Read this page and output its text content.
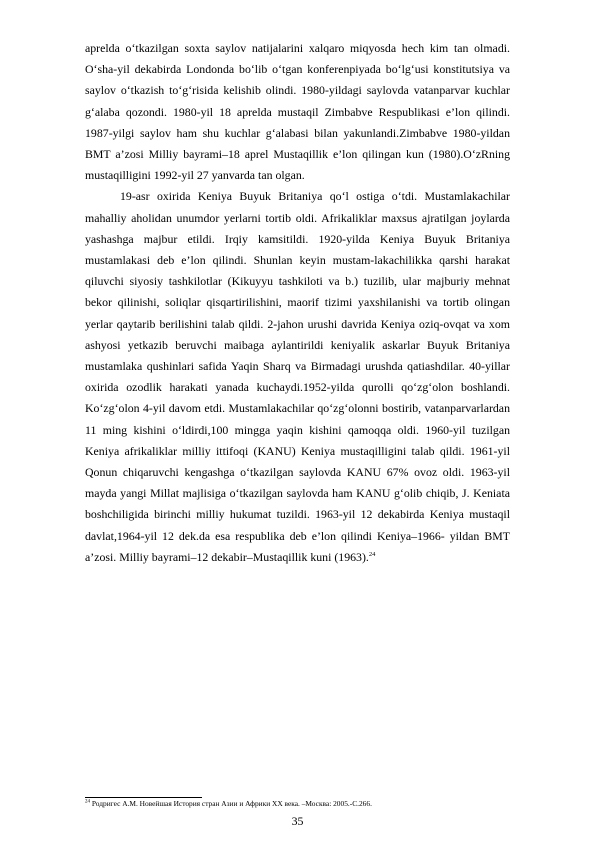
aprelda o‘tkazilgan soxta saylov natijalarini xalqaro miqyosda hech kim tan olmadi. O‘sha-yil dekabirda Londonda bo‘lib o‘tgan konferenpiyada bo‘lg‘usi konstitutsiya va saylov o‘tkazish to‘g‘risida kelishib olindi. 1980-yildagi saylovda vatanparvar kuchlar g‘alaba qozondi. 1980-yil 18 aprelda mustaqil Zimbabve Respublikasi e’lon qilindi. 1987-yilgi saylov ham shu kuchlar g‘alabasi bilan yakunlandi.Zimbabve 1980-yildan BMT a’zosi Milliy bayrami–18 aprel Mustaqillik e’lon qilingan kun (1980).O‘zRning mustaqilligini 1992-yil 27 yanvarda tan olgan.

19-asr oxirida Keniya Buyuk Britaniya qo‘l ostiga o‘tdi. Mustamlakachilar mahalliy aholidan unumdor yerlarni tortib oldi. Afrikaliklar maxsus ajratilgan joylarda yashashga majbur etildi. Irqiy kamsitildi. 1920-yilda Keniya Buyuk Britaniya mustamlakasi deb e’lon qilindi. Shunlan keyin mustam-lakachilikka qarshi harakat qiluvchi siyosiy tashkilotlar (Kikuyyu tashkiloti va b.) tuzilib, ular majburiy mehnat bekor qilinishi, soliqlar qisqartirilishini, maorif tizimi yaxshilanishi va tortib olingan yerlar qaytarib berilishini talab qildi. 2-jahon urushi davrida Keniya oziq-ovqat va xom ashyosi yetkazib beruvchi maibaga aylantirildi keniyalik askarlar Buyuk Britaniya mustamlaka qushinlari safida Yaqin Sharq va Birmadagi urushda qatiashdilar. 40-yillar oxirida ozodlik harakati yanada kuchaydi.1952-yilda qurolli qo‘zg‘olon boshlandi. Ko‘zg‘olon 4-yil davom etdi. Mustamlakachilar qo‘zg‘olonni bostirib, vatanparvarlardan 11 ming kishini o‘ldirdi,100 mingga yaqin kishini qamoqqa oldi. 1960-yil tuzilgan Keniya afrikaliklar milliy ittifoqi (KANU) Keniya mustaqilligini talab qildi. 1961-yil Qonun chiqaruvchi kengashga o‘tkazilgan saylovda KANU 67% ovoz oldi. 1963-yil mayda yangi Millat majlisiga o‘tkazilgan saylovda ham KANU g‘olib chiqib, J. Keniata boshchiligida birinchi milliy hukumat tuzildi. 1963-yil 12 dekabirda Keniya mustaqil davlat,1964-yil 12 dek.da esa respublika deb e’lon qilindi Keniya–1966- yildan BMT a’zosi. Milliy bayrami–12 dekabir–Mustaqillik kuni (1963).$^{24}$

$^{24}$ Родригес А.М. Новейшая История стран Азии и Африки XX века. –Москва: 2005.-С.266.
35
